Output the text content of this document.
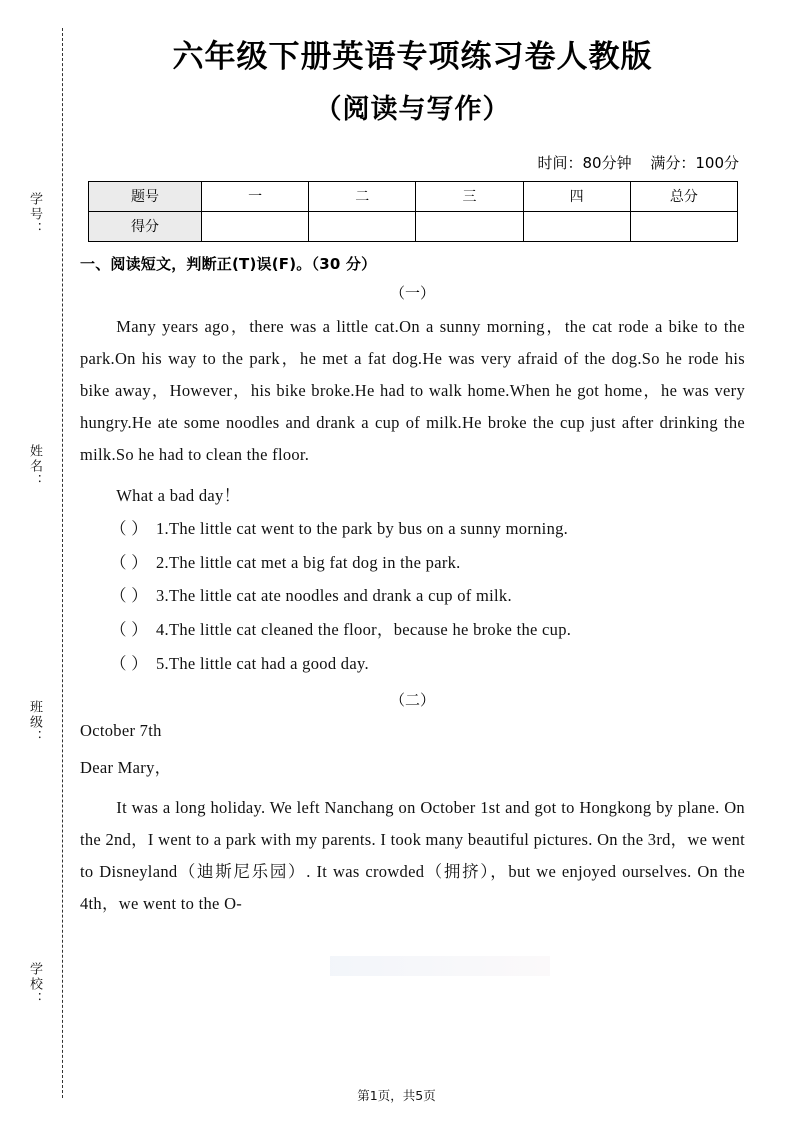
学号：
姓名：
班级：
学校：
六年级下册英语专项练习卷人教版
（阅读与写作）
时间：80分钟 满分：100分
题号	一	二	三	四	总分
得分					
一、阅读短文，判断正(T)误(F)。（30 分）
（一）
Many years ago，there was a little cat.On a sunny morning，the cat rode a bike to the park.On his way to the park，he met a fat dog.He was very afraid of the dog.So he rode his bike away，However，his bike broke.He had to walk home.When he got home，he was very hungry.He ate some noodles and drank a cup of milk.He broke the cup just after drinking the milk.So he had to clean the floor.
What a bad day！
（ ） 1.The little cat went to the park by bus on a sunny morning.
（ ） 2.The little cat met a big fat dog in the park.
（ ） 3.The little cat ate noodles and drank a cup of milk.
（ ） 4.The little cat cleaned the floor，because he broke the cup.
（ ） 5.The little cat had a good day.
（二）
October 7th
Dear Mary，
It was a long holiday. We left Nanchang on October 1st and got to Hongkong by plane. On the 2nd，I went to a park with my parents. I took many beautiful pictures. On the 3rd，we went to Disneyland（迪斯尼乐园）. It was crowded（拥挤），but we enjoyed ourselves. On the 4th，we went to the O-
第1页，共5页
